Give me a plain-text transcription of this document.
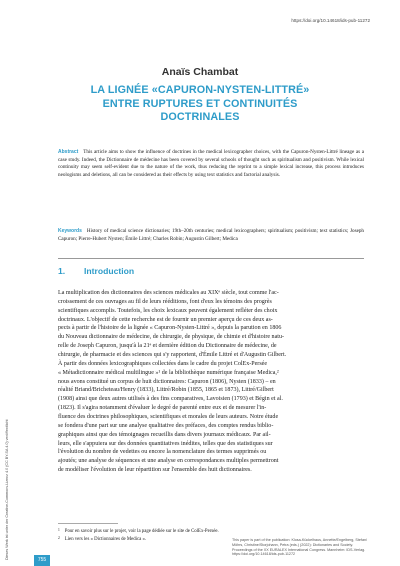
https://doi.org/10.14618/ids-pub-11272
Anaïs Chambat
LA LIGNÉE «CAPURON-NYSTEN-LITTRÉ»
ENTRE RUPTURES ET CONTINUITÉS
DOCTRINALES
Abstract This article aims to show the influence of doctrines in the medical lexicographer choices, with the Capuron-Nysten-Littré lineage as a case study. Indeed, the Dictionnaire de médecine has been covered by several schools of thought such as spiritualism and positivism. While lexical continuity may seem self-evident due to the nature of the work, thus reducing the reprint to a simple lexical increase, this process introduces neologisms and deletions, all can be considered as their effects by using text statistics and factorial analysis.
Keywords History of medical science dictionaries; 19th–20th centuries; medical lexicographers; spiritualism; positivism; text statistics; Joseph Capuron; Pierre-Hubert Nysten; Émile Littré; Charles Robin; Augustin Gilbert; Medica
1. Introduction
La multiplication des dictionnaires des sciences médicales au XIXᵉ siècle, tout comme l'ac-
croissement de ces ouvrages au fil de leurs rééditions, font d'eux les témoins des progrès
scientifiques accomplis. Toutefois, les choix lexicaux peuvent également refléter des choix
doctrinaux. L'objectif de cette recherche est de fournir un premier aperçu de ces deux as-
pects à partir de l'histoire de la lignée « Capuron-Nysten-Littré », depuis la parution en 1806
du Nouveau dictionnaire de médecine, de chirurgie, de physique, de chimie et d'histoire natu-
relle de Joseph Capuron, jusqu'à la 21ᵉ et dernière édition du Dictionnaire de médecine, de
chirurgie, de pharmacie et des sciences qui s'y rapportent, d'Émile Littré et d'Augustin Gilbert.
À partir des données lexicographiques collectées dans le cadre du projet ColEx-Persée
« Métadictionnaire médical multilingue »¹ de la bibliothèque numérique française Medica,²
nous avons constitué un corpus de huit dictionnaires: Capuron (1806), Nysten (1833) – en
réalité Briand/Bricheteau/Henry (1833), Littré/Robin (1855, 1865 et 1873), Littré/Gilbert
(1908) ainsi que deux autres utilisés à des fins comparatives, Lavoisien (1793) et Bégin et al.
(1823). Il s'agira notamment d'évaluer le degré de parenté entre eux et de mesurer l'in-
fluence des doctrines philosophiques, scientifiques et morales de leurs auteurs. Notre étude
se fondera d'une part sur une analyse qualitative des préfaces, des comptes rendus biblio-
graphiques ainsi que des témoignages recueillis dans divers journaux médicaux. Par ail-
leurs, elle s'appuiera sur des données quantitatives inédites, telles que des statistiques sur
l'évolution du nombre de vedettes ou encore la nomenclature des termes supprimés ou
ajoutés; une analyse de séquences et une analyse en correspondances multiples permettront
de modéliser l'évolution de leur répartition sur l'ensemble des huit dictionnaires.
$^1$ Pour en savoir plus sur le projet, voir la page dédiée sur le site de ColEx-Persée.
$^2$ Lien vers les « Dictionnaires de Medica ».
Dieses Werk ist unter der Creative-Commons-Lizenz 4.0 (CC BY-SA 4.0) veröffentlicht	755
This paper is part of the publication: Klosa-Kückelhaus, Annette/Engelberg, Stefan/
Möhrs, Christine/Storjohann, Petra (eds.) (2022): Dictionaries and Society.
Proceedings of the XX EURALEX International Congress. Mannheim: IDS-Verlag.
https://doi.org/10.14618/ids-pub-11272
